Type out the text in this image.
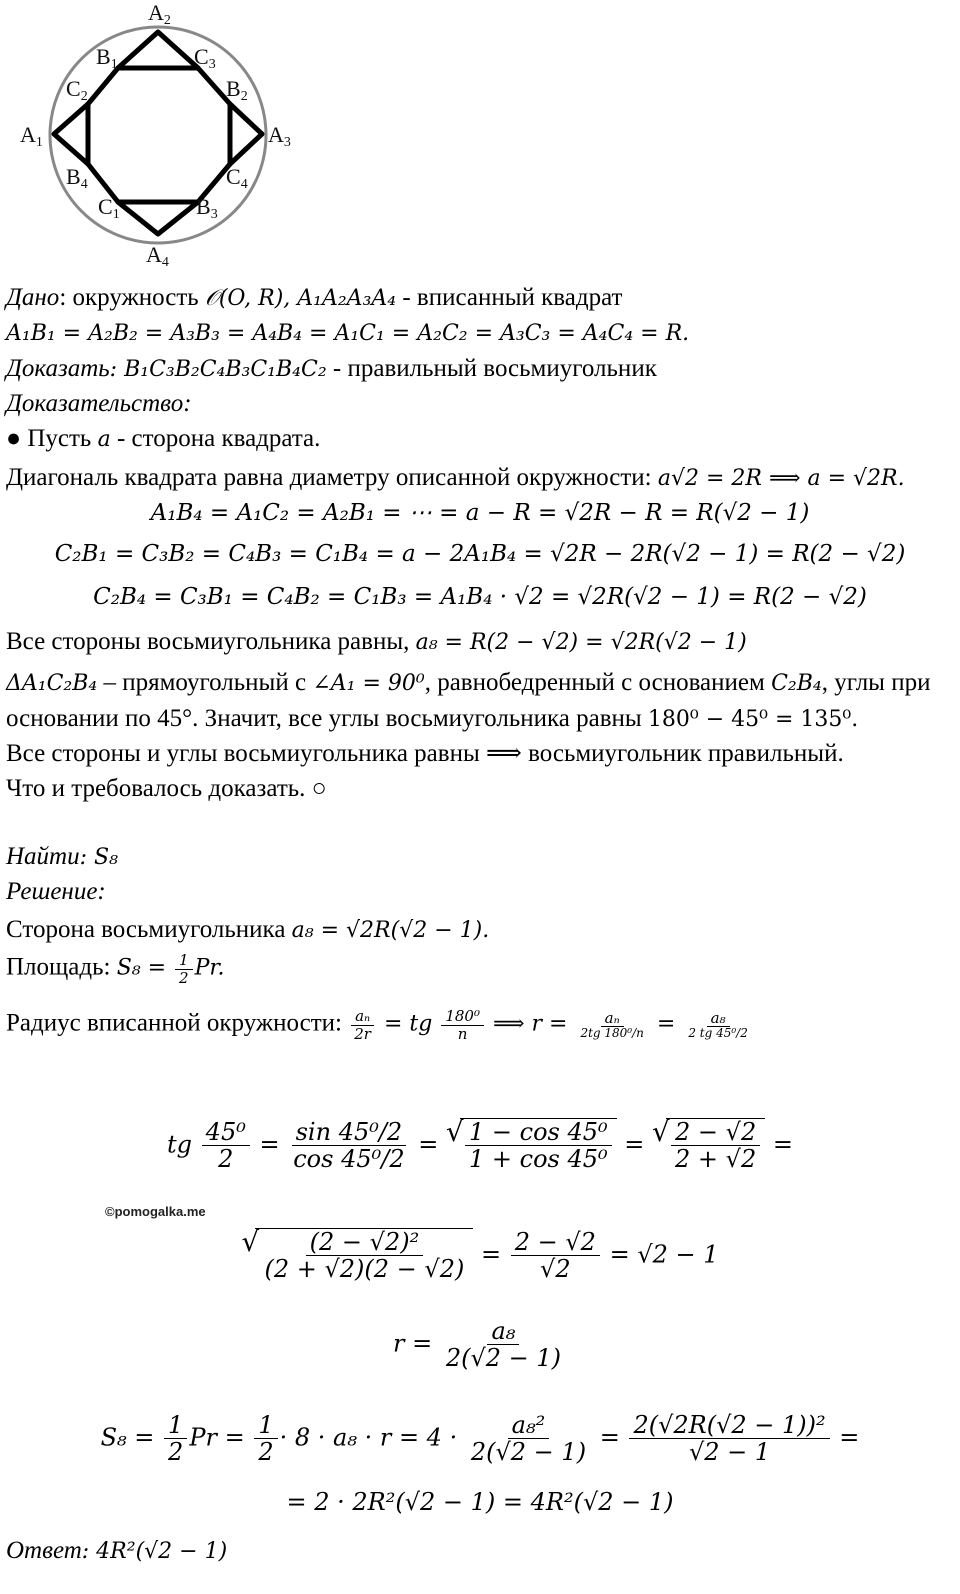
A2
A1	A3
A4
B1	C3
C2	B2
B4	C4
C1	B3
Дано: окружность 𝒪(O, R), A₁A₂A₃A₄ - вписанный квадрат
A₁B₁ = A₂B₂ = A₃B₃ = A₄B₄ = A₁C₁ = A₂C₂ = A₃C₃ = A₄C₄ = R.
Доказать: B₁C₃B₂C₄B₃C₁B₄C₂ - правильный восьмиугольник
Доказательство:
● Пусть a - сторона квадрата.
Диагональ квадрата равна диаметру описанной окружности: a√2 = 2R ⟹ a = √2R.
A₁B₄ = A₁C₂ = A₂B₁ = ⋯ = a − R = √2R − R = R(√2 − 1)
C₂B₁ = C₃B₂ = C₄B₃ = C₁B₄ = a − 2A₁B₄ = √2R − 2R(√2 − 1) = R(2 − √2)
C₂B₄ = C₃B₁ = C₄B₂ = C₁B₃ = A₁B₄ · √2 = √2R(√2 − 1) = R(2 − √2)
Все стороны восьмиугольника равны, a₈ = R(2 − √2) = √2R(√2 − 1)
ΔA₁C₂B₄ – прямоугольный с ∠A₁ = 90⁰, равнобедренный с основанием C₂B₄, углы при
основании по 45°. Значит, все углы восьмиугольника равны 180⁰ − 45⁰ = 135⁰.
Все стороны и углы восьмиугольника равны ⟹ восьмиугольник правильный.
Что и требовалось доказать. ○
Найти: S₈
Решение:
Сторона восьмиугольника a₈ = √2R(√2 − 1).
Площадь: $S_8 = \frac{1}{2} Pr$.
Радиус вписанной окружности: $\frac{\text{aₙ}}{2r}$ = tg $\frac{\text{180⁰}}{n}$ ⟹ $r = \frac{\text{aₙ}}{\text{2tg 180⁰/n}} = \frac{\text{a₈}}{\text{2 tg 45⁰/2}}$
tg $\frac{\text{45⁰}}{2} = \frac{\text{sin 45⁰/2}}{\text{cos 45⁰/2}}$ = √ $\frac{\text{1 − cos 45⁰}}{\text{1 + cos 45⁰}}$ = √ $\frac{2 - √2}{2 + √2}$ =
©pomogalka.me
√ $\frac{\text{(2 − √2)²}}{(2 + √2)(2 - √2)} = \frac{2 - √2}{√2} = √2 - 1$
$r = \frac{\text{a₈}}{2(√2 - 1)}$
$S_8 = \frac{1}{2}$ $Pr = \frac{1}{2} \cdot 8 \cdot a_8 \cdot r = 4 \cdot \frac{\text{a₈²}}{2(√2 - 1)} = \frac{\text{2(√2R(√2 − 1))²}}{√2 - 1}$ =
= 2 · 2R²(√2 − 1) = 4R²(√2 − 1)
Ответ: 4R²(√2 − 1)
